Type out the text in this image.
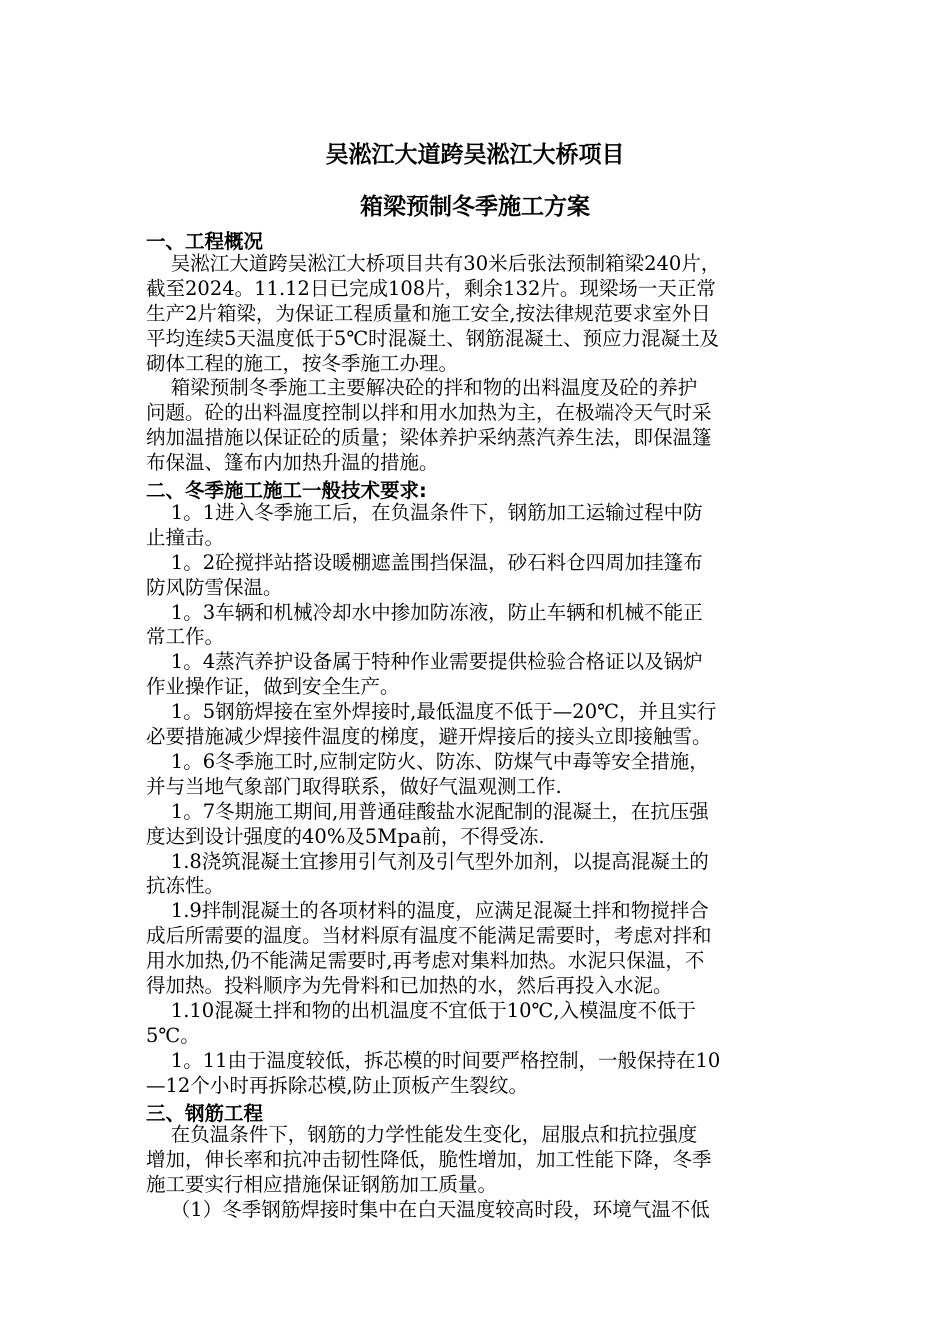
吴淞江大道跨吴淞江大桥项目
箱梁预制冬季施工方案
一、工程概况
吴淞江大道跨吴淞江大桥项目共有30米后张法预制箱梁240片，
截至2024。11.12日已完成108片，剩余132片。现梁场一天正常
生产2片箱梁，为保证工程质量和施工安全,按法律规范要求室外日
平均连续5天温度低于5℃时混凝土、钢筋混凝土、预应力混凝土及
砌体工程的施工，按冬季施工办理。
箱梁预制冬季施工主要解决砼的拌和物的出料温度及砼的养护
问题。砼的出料温度控制以拌和用水加热为主，在极端冷天气时采
纳加温措施以保证砼的质量；梁体养护采纳蒸汽养生法，即保温篷
布保温、篷布内加热升温的措施。
二、冬季施工施工一般技术要求:
1。1进入冬季施工后，在负温条件下，钢筋加工运输过程中防
止撞击。
1。2砼搅拌站搭设暖棚遮盖围挡保温，砂石料仓四周加挂篷布
防风防雪保温。
1。3车辆和机械冷却水中掺加防冻液，防止车辆和机械不能正
常工作。
1。4蒸汽养护设备属于特种作业需要提供检验合格证以及锅炉
作业操作证，做到安全生产。
1。5钢筋焊接在室外焊接时,最低温度不低于—20℃，并且实行
必要措施减少焊接件温度的梯度，避开焊接后的接头立即接触雪。
1。6冬季施工时,应制定防火、防冻、防煤气中毒等安全措施，
并与当地气象部门取得联系，做好气温观测工作.
1。7冬期施工期间,用普通硅酸盐水泥配制的混凝土，在抗压强
度达到设计强度的40%及5Mpa前，不得受冻.
1.8浇筑混凝土宜掺用引气剂及引气型外加剂，以提高混凝土的
抗冻性。
1.9拌制混凝土的各项材料的温度，应满足混凝土拌和物搅拌合
成后所需要的温度。当材料原有温度不能满足需要时，考虑对拌和
用水加热,仍不能满足需要时,再考虑对集料加热。水泥只保温，不
得加热。投料顺序为先骨料和已加热的水，然后再投入水泥。
1.10混凝土拌和物的出机温度不宜低于10℃,入模温度不低于
5℃。
1。11由于温度较低，拆芯模的时间要严格控制，一般保持在10
—12个小时再拆除芯模,防止顶板产生裂纹。
三、钢筋工程
在负温条件下，钢筋的力学性能发生变化，屈服点和抗拉强度
增加，伸长率和抗冲击韧性降低，脆性增加，加工性能下降，冬季
施工要实行相应措施保证钢筋加工质量。
（1）冬季钢筋焊接时集中在白天温度较高时段，环境气温不低
